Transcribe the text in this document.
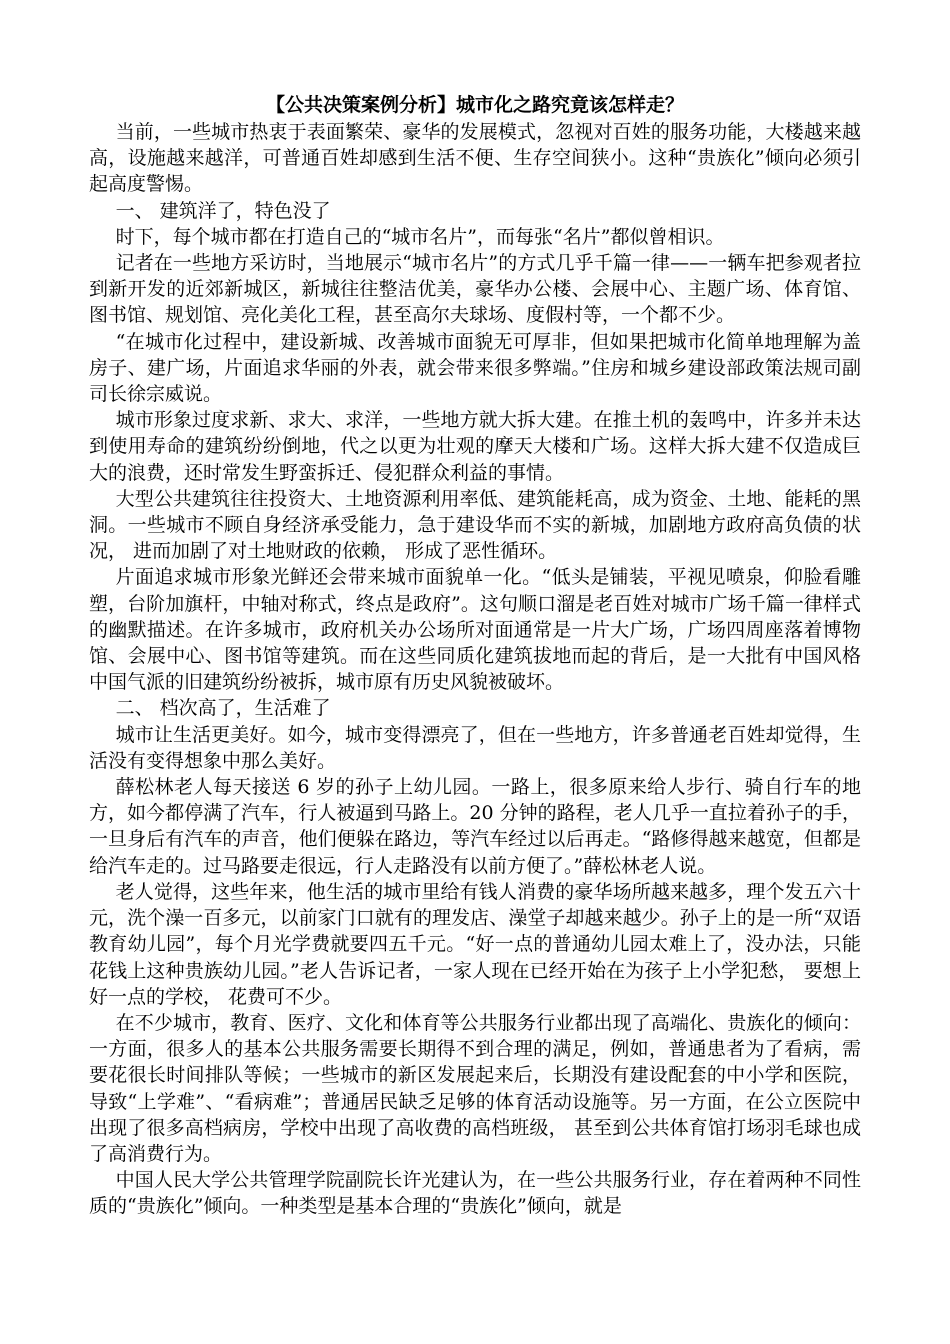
【公共决策案例分析】城市化之路究竟该怎样走？

当前，一些城市热衷于表面繁荣、豪华的发展模式，忽视对百姓的服务功能，大楼越来越高，设施越来越洋，可普通百姓却感到生活不便、生存空间狭小。这种“贵族化”倾向必须引起高度警惕。

一、 建筑洋了，特色没了

时下，每个城市都在打造自己的“城市名片”，而每张“名片”都似曾相识。

记者在一些地方采访时，当地展示“城市名片”的方式几乎千篇一律——一辆车把参观者拉到新开发的近郊新城区，新城往往整洁优美，豪华办公楼、会展中心、主题广场、体育馆、图书馆、规划馆、亮化美化工程，甚至高尔夫球场、度假村等，一个都不少。

“在城市化过程中，建设新城、改善城市面貌无可厚非，但如果把城市化简单地理解为盖房子、建广场，片面追求华丽的外表，就会带来很多弊端。”住房和城乡建设部政策法规司副司长徐宗威说。

城市形象过度求新、求大、求洋，一些地方就大拆大建。在推土机的轰鸣中，许多并未达到使用寿命的建筑纷纷倒地，代之以更为壮观的摩天大楼和广场。这样大拆大建不仅造成巨大的浪费，还时常发生野蛮拆迁、侵犯群众利益的事情。

大型公共建筑往往投资大、土地资源利用率低、建筑能耗高，成为资金、土地、能耗的黑洞。一些城市不顾自身经济承受能力，急于建设华而不实的新城，加剧地方政府高负债的状况， 进而加剧了对土地财政的依赖， 形成了恶性循环。

片面追求城市形象光鲜还会带来城市面貌单一化。“低头是铺装，平视见喷泉，仰脸看雕塑，台阶加旗杆，中轴对称式，终点是政府”。这句顺口溜是老百姓对城市广场千篇一律样式的幽默描述。在许多城市，政府机关办公场所对面通常是一片大广场，广场四周座落着博物馆、会展中心、图书馆等建筑。而在这些同质化建筑拔地而起的背后，是一大批有中国风格中国气派的旧建筑纷纷被拆，城市原有历史风貌被破坏。

二、 档次高了，生活难了

城市让生活更美好。如今，城市变得漂亮了，但在一些地方，许多普通老百姓却觉得，生活没有变得想象中那么美好。

薛松林老人每天接送 6 岁的孙子上幼儿园。一路上，很多原来给人步行、骑自行车的地方，如今都停满了汽车，行人被逼到马路上。20 分钟的路程，老人几乎一直拉着孙子的手，一旦身后有汽车的声音，他们便躲在路边，等汽车经过以后再走。“路修得越来越宽，但都是给汽车走的。过马路要走很远，行人走路没有以前方便了。”薛松林老人说。

老人觉得，这些年来，他生活的城市里给有钱人消费的豪华场所越来越多，理个发五六十元，洗个澡一百多元，以前家门口就有的理发店、澡堂子却越来越少。孙子上的是一所“双语教育幼儿园”，每个月光学费就要四五千元。“好一点的普通幼儿园太难上了，没办法，只能花钱上这种贵族幼儿园。”老人告诉记者，一家人现在已经开始在为孩子上小学犯愁， 要想上好一点的学校， 花费可不少。

在不少城市，教育、医疗、文化和体育等公共服务行业都出现了高端化、贵族化的倾向：一方面，很多人的基本公共服务需要长期得不到合理的满足，例如，普通患者为了看病，需要花很长时间排队等候；一些城市的新区发展起来后，长期没有建设配套的中小学和医院，导致“上学难”、“看病难”；普通居民缺乏足够的体育活动设施等。另一方面，在公立医院中出现了很多高档病房，学校中出现了高收费的高档班级， 甚至到公共体育馆打场羽毛球也成了高消费行为。

中国人民大学公共管理学院副院长许光建认为，在一些公共服务行业，存在着两种不同性质的“贵族化”倾向。一种类型是基本合理的“贵族化”倾向，就是
